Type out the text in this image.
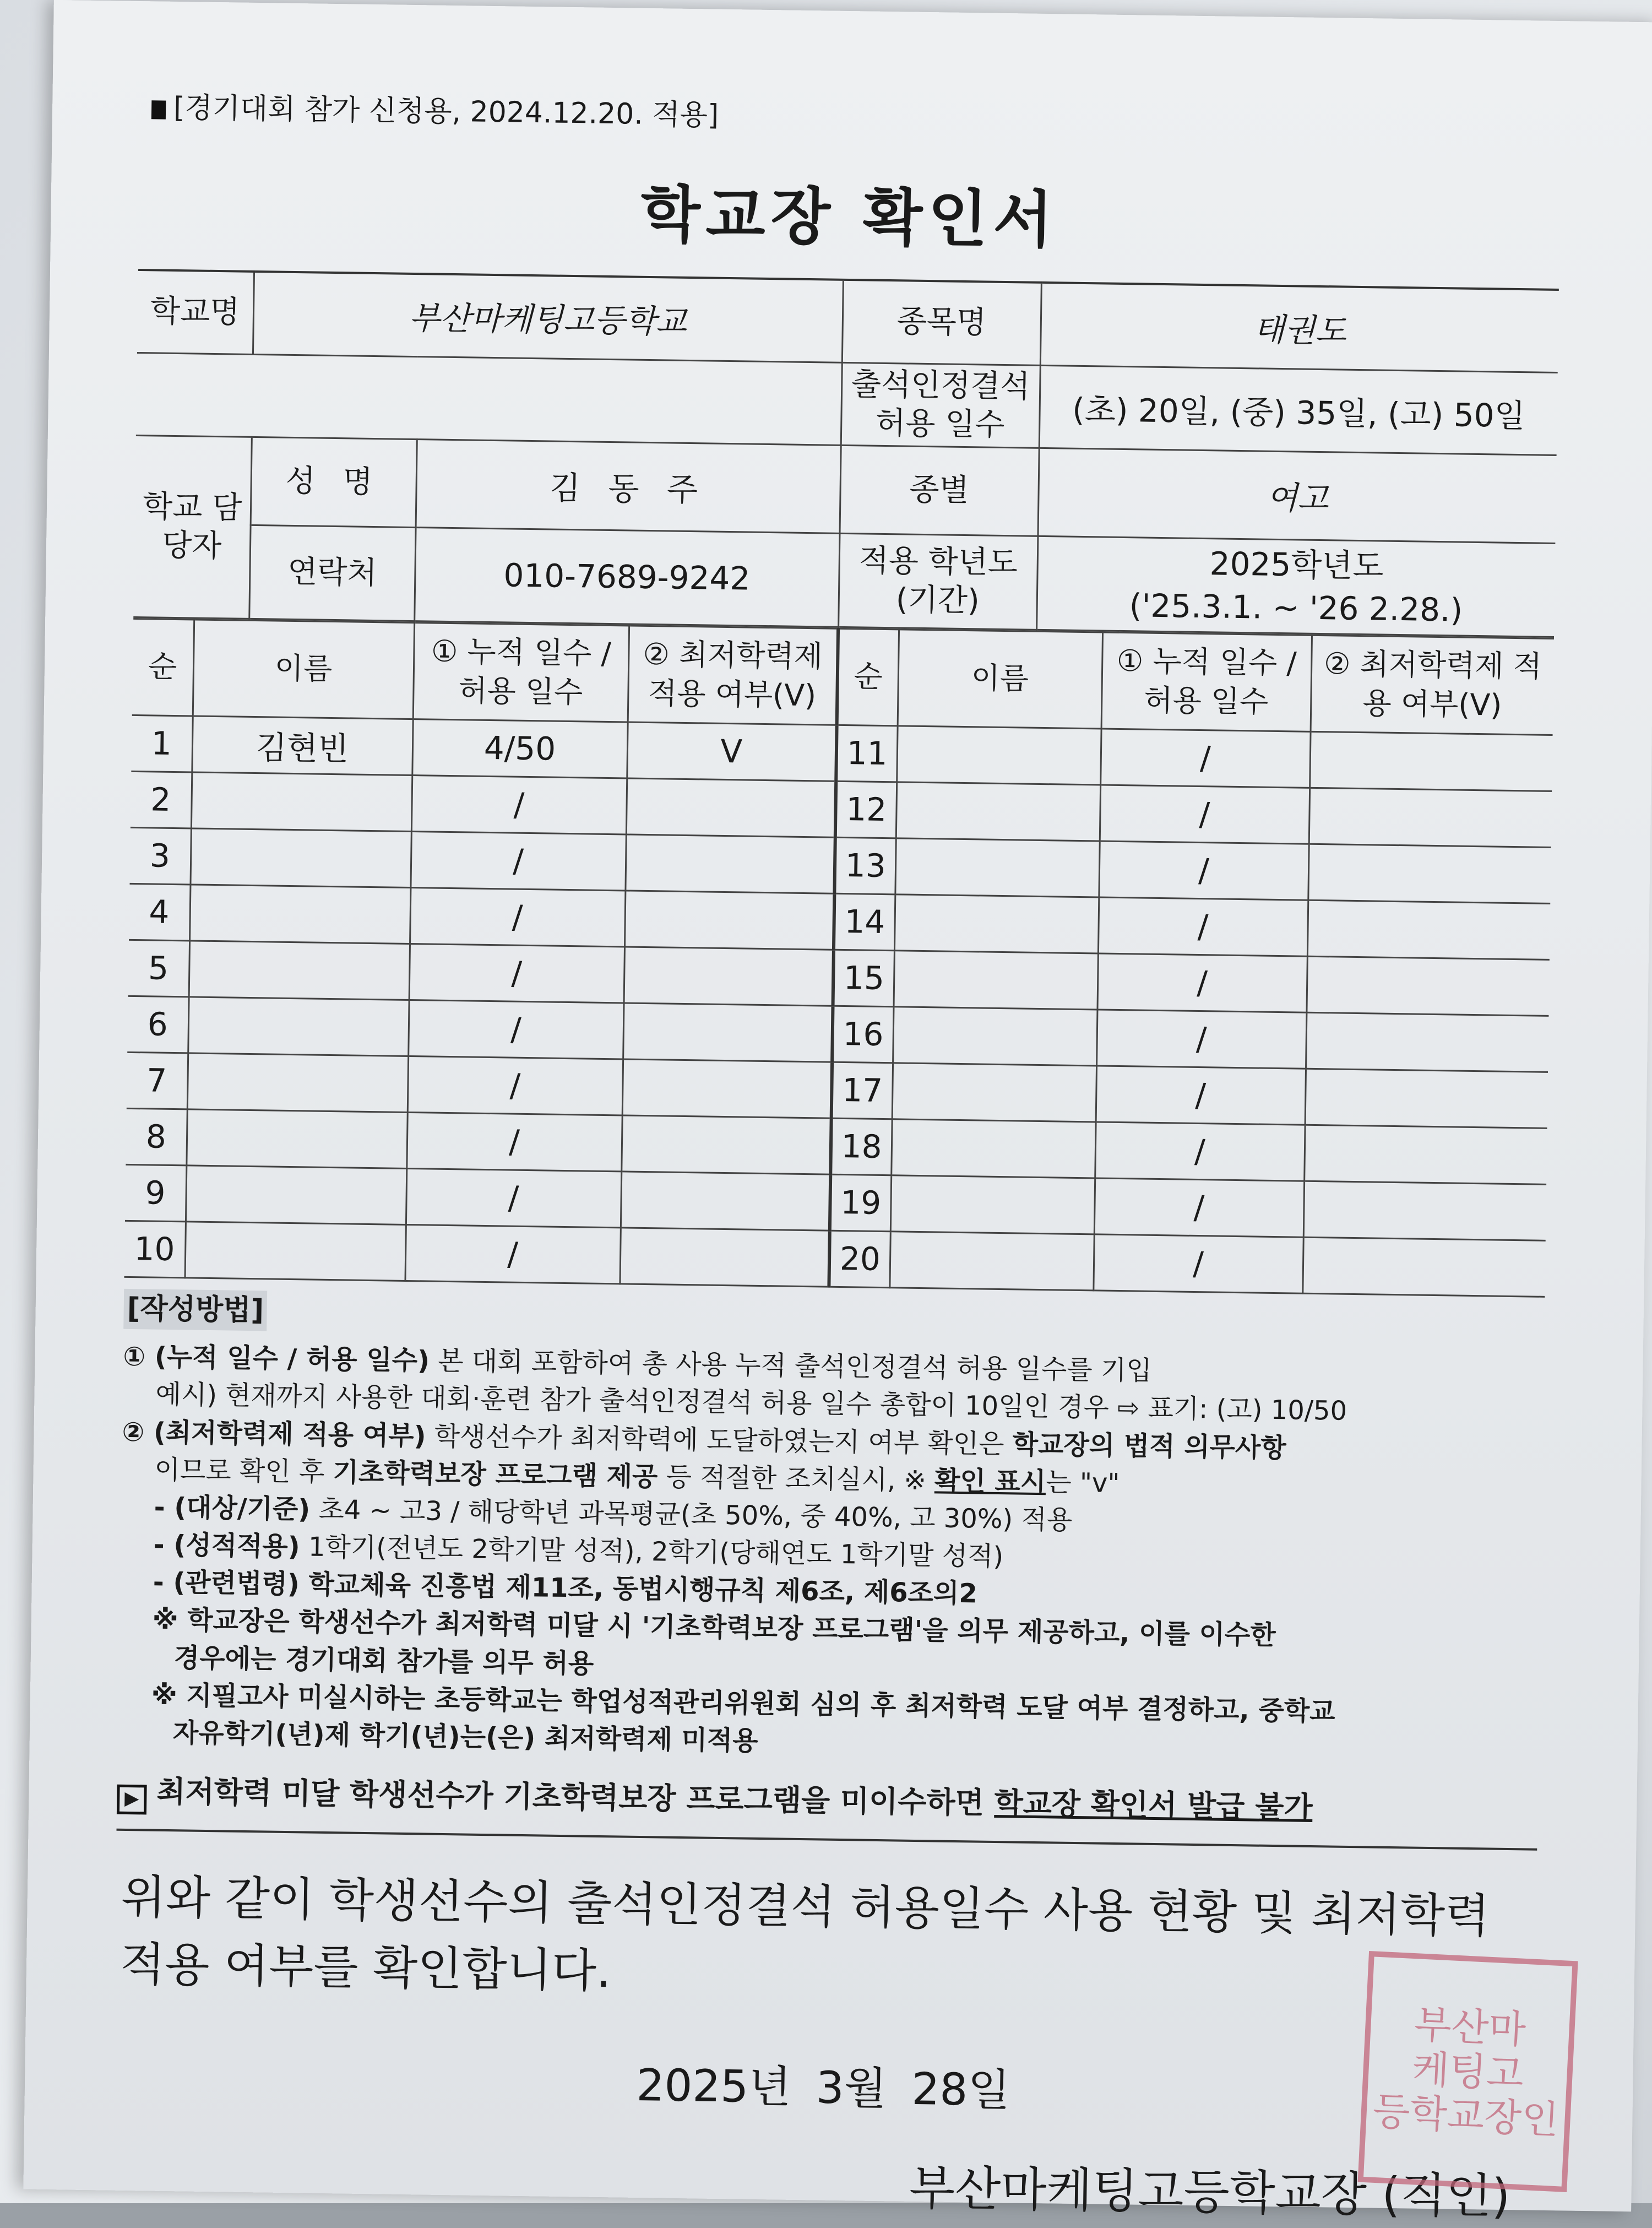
[경기대회 참가 신청용, 2024.12.20. 적용]
학교장 확인서
학교명	부산마케팅고등학교		종목명	태권도
			출석인정결석 허용 일수	(초) 20일, (중) 35일, (고) 50일
학교 담당자	성 명	김 동 주	종별	여고
	연락처	010-7689-9242	적용 학년도 (기간)	2025학년도
('25.3.1. ~ '26 2.28.)
순	이름	① 누적 일수 / 허용 일수	② 최저학력제 적용 여부(V)	순	이름	① 누적 일수 / 허용 일수	② 최저학력제 적용 여부(V)
1	김현빈	4/50	V	11		/	
2		/		12		/	
3		/		13		/	
4		/		14		/	
5		/		15		/	
6		/		16		/	
7		/		17		/	
8		/		18		/	
9		/		19		/	
10		/		20		/	
[작성방법]

① (누적 일수 / 허용 일수) 본 대회 포함하여 총 사용 누적 출석인정결석 허용 일수를 기입

예시) 현재까지 사용한 대회·훈련 참가 출석인정결석 허용 일수 총합이 10일인 경우 ⇨ 표기: (고) 10/50

② (최저학력제 적용 여부) 학생선수가 최저학력에 도달하였는지 여부 확인은 학교장의 법적 의무사항

이므로 확인 후 기초학력보장 프로그램 제공 등 적절한 조치실시, ※ 확인 표시는 "v"

- (대상/기준) 초4 ~ 고3 / 해당학년 과목평균(초 50%, 중 40%, 고 30%) 적용

- (성적적용) 1학기(전년도 2학기말 성적), 2학기(당해연도 1학기말 성적)

- (관련법령) 학교체육 진흥법 제11조, 동법시행규칙 제6조, 제6조의2

※ 학교장은 학생선수가 최저학력 미달 시 '기초학력보장 프로그램'을 의무 제공하고, 이를 이수한

경우에는 경기대회 참가를 의무 허용

※ 지필고사 미실시하는 초등학교는 학업성적관리위원회 심의 후 최저학력 도달 여부 결정하고, 중학교

자유학기(년)제 학기(년)는(은) 최저학력제 미적용

▶ 최저학력 미달 학생선수가 기초학력보장 프로그램을 미이수하면 학교장 확인서 발급 불가
위와 같이 학생선수의 출석인정결석 허용일수 사용 현황 및 최저학력 적용 여부를 확인합니다.
2025년 3월 28일
부산마케팅고등학교장 (직인)
부산마
케팅고
등학교장인
